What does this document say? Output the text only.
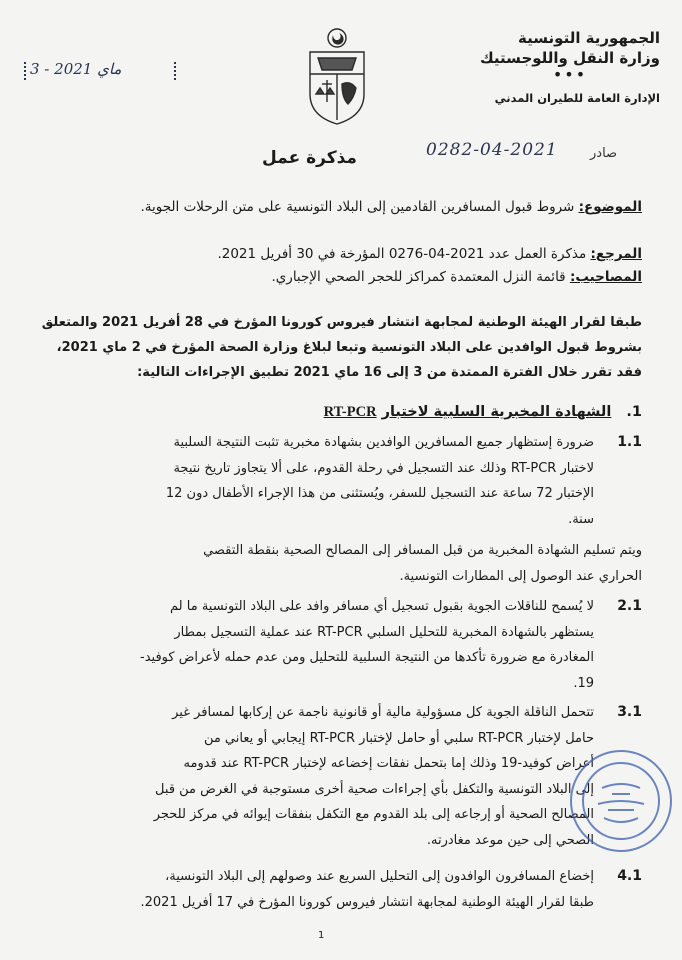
الجمهورية التونسية
وزارة النقل واللوجستيك
•••
الإدارة العامة للطيران المدني
3 - ماي 2021
مذكرة عمل	0282-04-2021 صادر
الموضوع: شروط قبول المسافرين القادمين إلى البلاد التونسية على متن الرحلات الجوية.
المرجع: مذكرة العمل عدد 2021-04-0276 المؤرخة في 30 أفريل 2021.
المصاحيب: قائمة النزل المعتمدة كمراكز للحجر الصحي الإجباري.
طبقا لقرار الهيئة الوطنية لمجابهة انتشار فيروس كورونا المؤرخ في 28 أفريل 2021 والمتعلق
بشروط قبول الوافدين على البلاد التونسية وتبعا لبلاغ وزارة الصحة المؤرخ في 2 ماي 2021،
فقد تقرر خلال الفترة الممتدة من 3 إلى 16 ماي 2021 تطبيق الإجراءات التالية:
1. الشهادة المخبرية السلبية لاختبار RT-PCR
1.1
ضرورة إستظهار جميع المسافرين الوافدين بشهادة مخبرية تثبت النتيجة السلبية
لاختبار RT-PCR وذلك عند التسجيل في رحلة القدوم، على ألا يتجاوز تاريخ نتيجة
الإختبار 72 ساعة عند التسجيل للسفر، ويُستثنى من هذا الإجراء الأطفال دون 12
سنة.
ويتم تسليم الشهادة المخبرية من قبل المسافر إلى المصالح الصحية بنقطة التقصي
الحراري عند الوصول إلى المطارات التونسية.
2.1
لا يُسمح للناقلات الجوية بقبول تسجيل أي مسافر وافد على البلاد التونسية ما لم
يستظهر بالشهادة المخبرية للتحليل السلبي RT-PCR عند عملية التسجيل بمطار
المغادرة مع ضرورة تأكدها من النتيجة السلبية للتحليل ومن عدم حمله لأعراض كوفيد-
19.
3.1
تتحمل الناقلة الجوية كل مسؤولية مالية أو قانونية ناجمة عن إركابها لمسافر غير
حامل لإختبار RT-PCR سلبي أو حامل لإختبار RT-PCR إيجابي أو يعاني من
أعراض كوفيد-19 وذلك إما بتحمل نفقات إخضاعه لإختبار RT-PCR عند قدومه
إلى البلاد التونسية والتكفل بأي إجراءات صحية أخرى مستوجبة في الغرض من قبل
المصالح الصحية أو إرجاعه إلى بلد القدوم مع التكفل بنفقات إيوائه في مركز للحجر
الصحي إلى حين موعد مغادرته.
4.1
إخضاع المسافرون الوافدون إلى التحليل السريع عند وصولهم إلى البلاد التونسية،
طبقا لقرار الهيئة الوطنية لمجابهة انتشار فيروس كورونا المؤرخ في 17 أفريل 2021.
1
